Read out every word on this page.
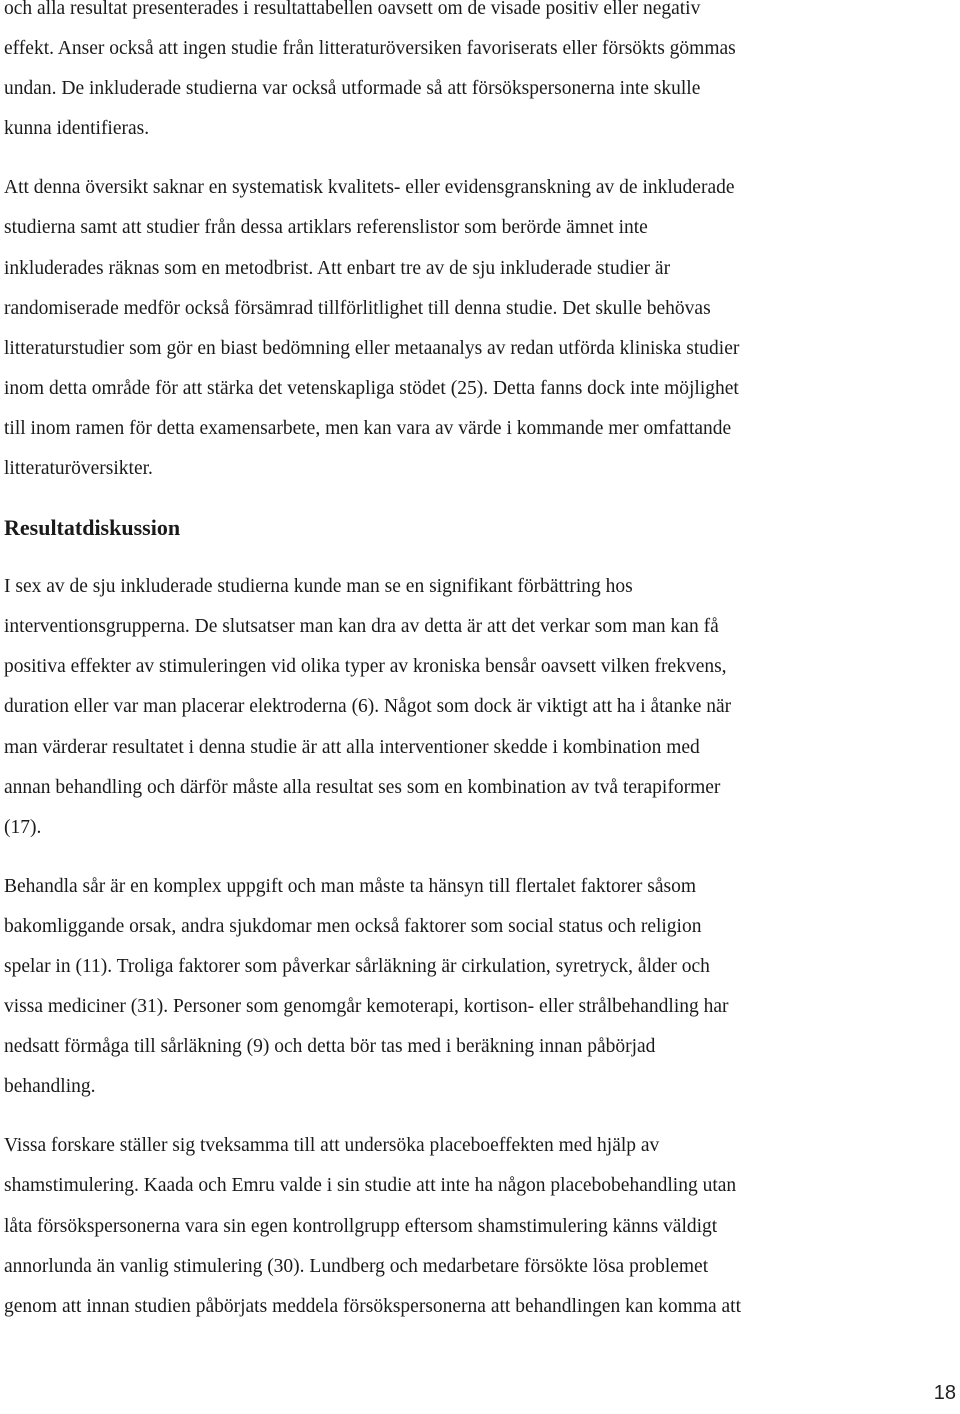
och alla resultat presenterades i resultattabellen oavsett om de visade positiv eller negativ
effekt. Anser också att ingen studie från litteraturöversiken favoriserats eller försökts gömmas
undan. De inkluderade studierna var också utformade så att försökspersonerna inte skulle
kunna identifieras.

Att denna översikt saknar en systematisk kvalitets- eller evidensgranskning av de inkluderade
studierna samt att studier från dessa artiklars referenslistor som berörde ämnet inte
inkluderades räknas som en metodbrist. Att enbart tre av de sju inkluderade studier är
randomiserade medför också försämrad tillförlitlighet till denna studie. Det skulle behövas
litteraturstudier som gör en biast bedömning eller metaanalys av redan utförda kliniska studier
inom detta område för att stärka det vetenskapliga stödet (25). Detta fanns dock inte möjlighet
till inom ramen för detta examensarbete, men kan vara av värde i kommande mer omfattande
litteraturöversikter.

Resultatdiskussion

I sex av de sju inkluderade studierna kunde man se en signifikant förbättring hos
interventionsgrupperna. De slutsatser man kan dra av detta är att det verkar som man kan få
positiva effekter av stimuleringen vid olika typer av kroniska bensår oavsett vilken frekvens,
duration eller var man placerar elektroderna (6). Något som dock är viktigt att ha i åtanke när
man värderar resultatet i denna studie är att alla interventioner skedde i kombination med
annan behandling och därför måste alla resultat ses som en kombination av två terapiformer
(17).

Behandla sår är en komplex uppgift och man måste ta hänsyn till flertalet faktorer såsom
bakomliggande orsak, andra sjukdomar men också faktorer som social status och religion
spelar in (11). Troliga faktorer som påverkar sårläkning är cirkulation, syretryck, ålder och
vissa mediciner (31). Personer som genomgår kemoterapi, kortison- eller strålbehandling har
nedsatt förmåga till sårläkning (9) och detta bör tas med i beräkning innan påbörjad
behandling.

Vissa forskare ställer sig tveksamma till att undersöka placeboeffekten med hjälp av
shamstimulering. Kaada och Emru valde i sin studie att inte ha någon placebobehandling utan
låta försökspersonerna vara sin egen kontrollgrupp eftersom shamstimulering känns väldigt
annorlunda än vanlig stimulering (30). Lundberg och medarbetare försökte lösa problemet
genom att innan studien påbörjats meddela försökspersonerna att behandlingen kan komma att

18
